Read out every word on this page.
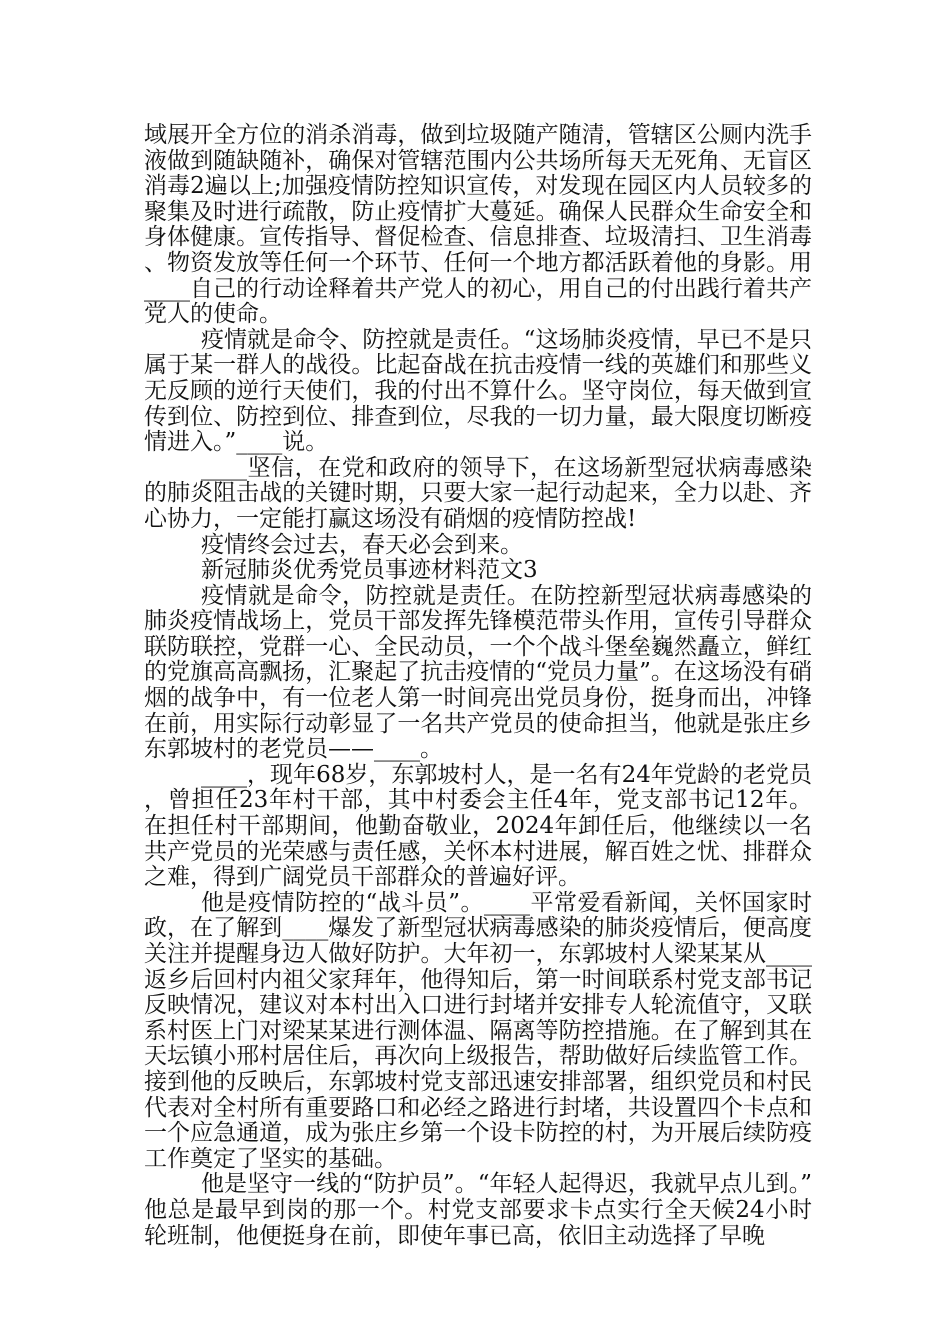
域展开全方位的消杀消毒，做到垃圾随产随清，管辖区公厕内洗手液做到随缺随补，确保对管辖范围内公共场所每天无死角、无盲区消毒2遍以上;加强疫情防控知识宣传，对发现在园区内人员较多的聚集及时进行疏散，防止疫情扩大蔓延。确保人民群众生命安全和身体健康。宣传指导、督促检查、信息排查、垃圾清扫、卫生消毒、物资发放等任何一个环节、任何一个地方都活跃着他的身影。用____自己的行动诠释着共产党人的初心，用自己的付出践行着共产党人的使命。

疫情就是命令、防控就是责任。“这场肺炎疫情，早已不是只属于某一群人的战役。比起奋战在抗击疫情一线的英雄们和那些义无反顾的逆行天使们，我的付出不算什么。坚守岗位，每天做到宣传到位、防控到位、排查到位，尽我的一切力量，最大限度切断疫情进入。”____说。

____坚信，在党和政府的领导下，在这场新型冠状病毒感染的肺炎阻击战的关键时期，只要大家一起行动起来，全力以赴、齐心协力，一定能打赢这场没有硝烟的疫情防控战!

疫情终会过去，春天必会到来。

新冠肺炎优秀党员事迹材料范文3

疫情就是命令，防控就是责任。在防控新型冠状病毒感染的肺炎疫情战场上，党员干部发挥先锋模范带头作用，宣传引导群众联防联控，党群一心、全民动员，一个个战斗堡垒巍然矗立，鲜红的党旗高高飘扬，汇聚起了抗击疫情的“党员力量”。在这场没有硝烟的战争中，有一位老人第一时间亮出党员身份，挺身而出，冲锋在前，用实际行动彰显了一名共产党员的使命担当，他就是张庄乡东郭坡村的老党员——____。

____，现年68岁，东郭坡村人，是一名有24年党龄的老党员，曾担任23年村干部，其中村委会主任4年，党支部书记12年。在担任村干部期间，他勤奋敬业，2024年卸任后，他继续以一名共产党员的光荣感与责任感，关怀本村进展，解百姓之忧、排群众之难，得到广阔党员干部群众的普遍好评。

他是疫情防控的“战斗员”。____平常爱看新闻，关怀国家时政，在了解到____爆发了新型冠状病毒感染的肺炎疫情后，便高度关注并提醒身边人做好防护。大年初一，东郭坡村人梁某某从____返乡后回村内祖父家拜年，他得知后，第一时间联系村党支部书记反映情况，建议对本村出入口进行封堵并安排专人轮流值守，又联系村医上门对梁某某进行测体温、隔离等防控措施。在了解到其在天坛镇小邢村居住后，再次向上级报告，帮助做好后续监管工作。接到他的反映后，东郭坡村党支部迅速安排部署，组织党员和村民代表对全村所有重要路口和必经之路进行封堵，共设置四个卡点和一个应急通道，成为张庄乡第一个设卡防控的村，为开展后续防疫工作奠定了坚实的基础。

他是坚守一线的“防护员”。“年轻人起得迟，我就早点儿到。”他总是最早到岗的那一个。村党支部要求卡点实行全天候24小时轮班制，他便挺身在前，即使年事已高，依旧主动选择了早晚
